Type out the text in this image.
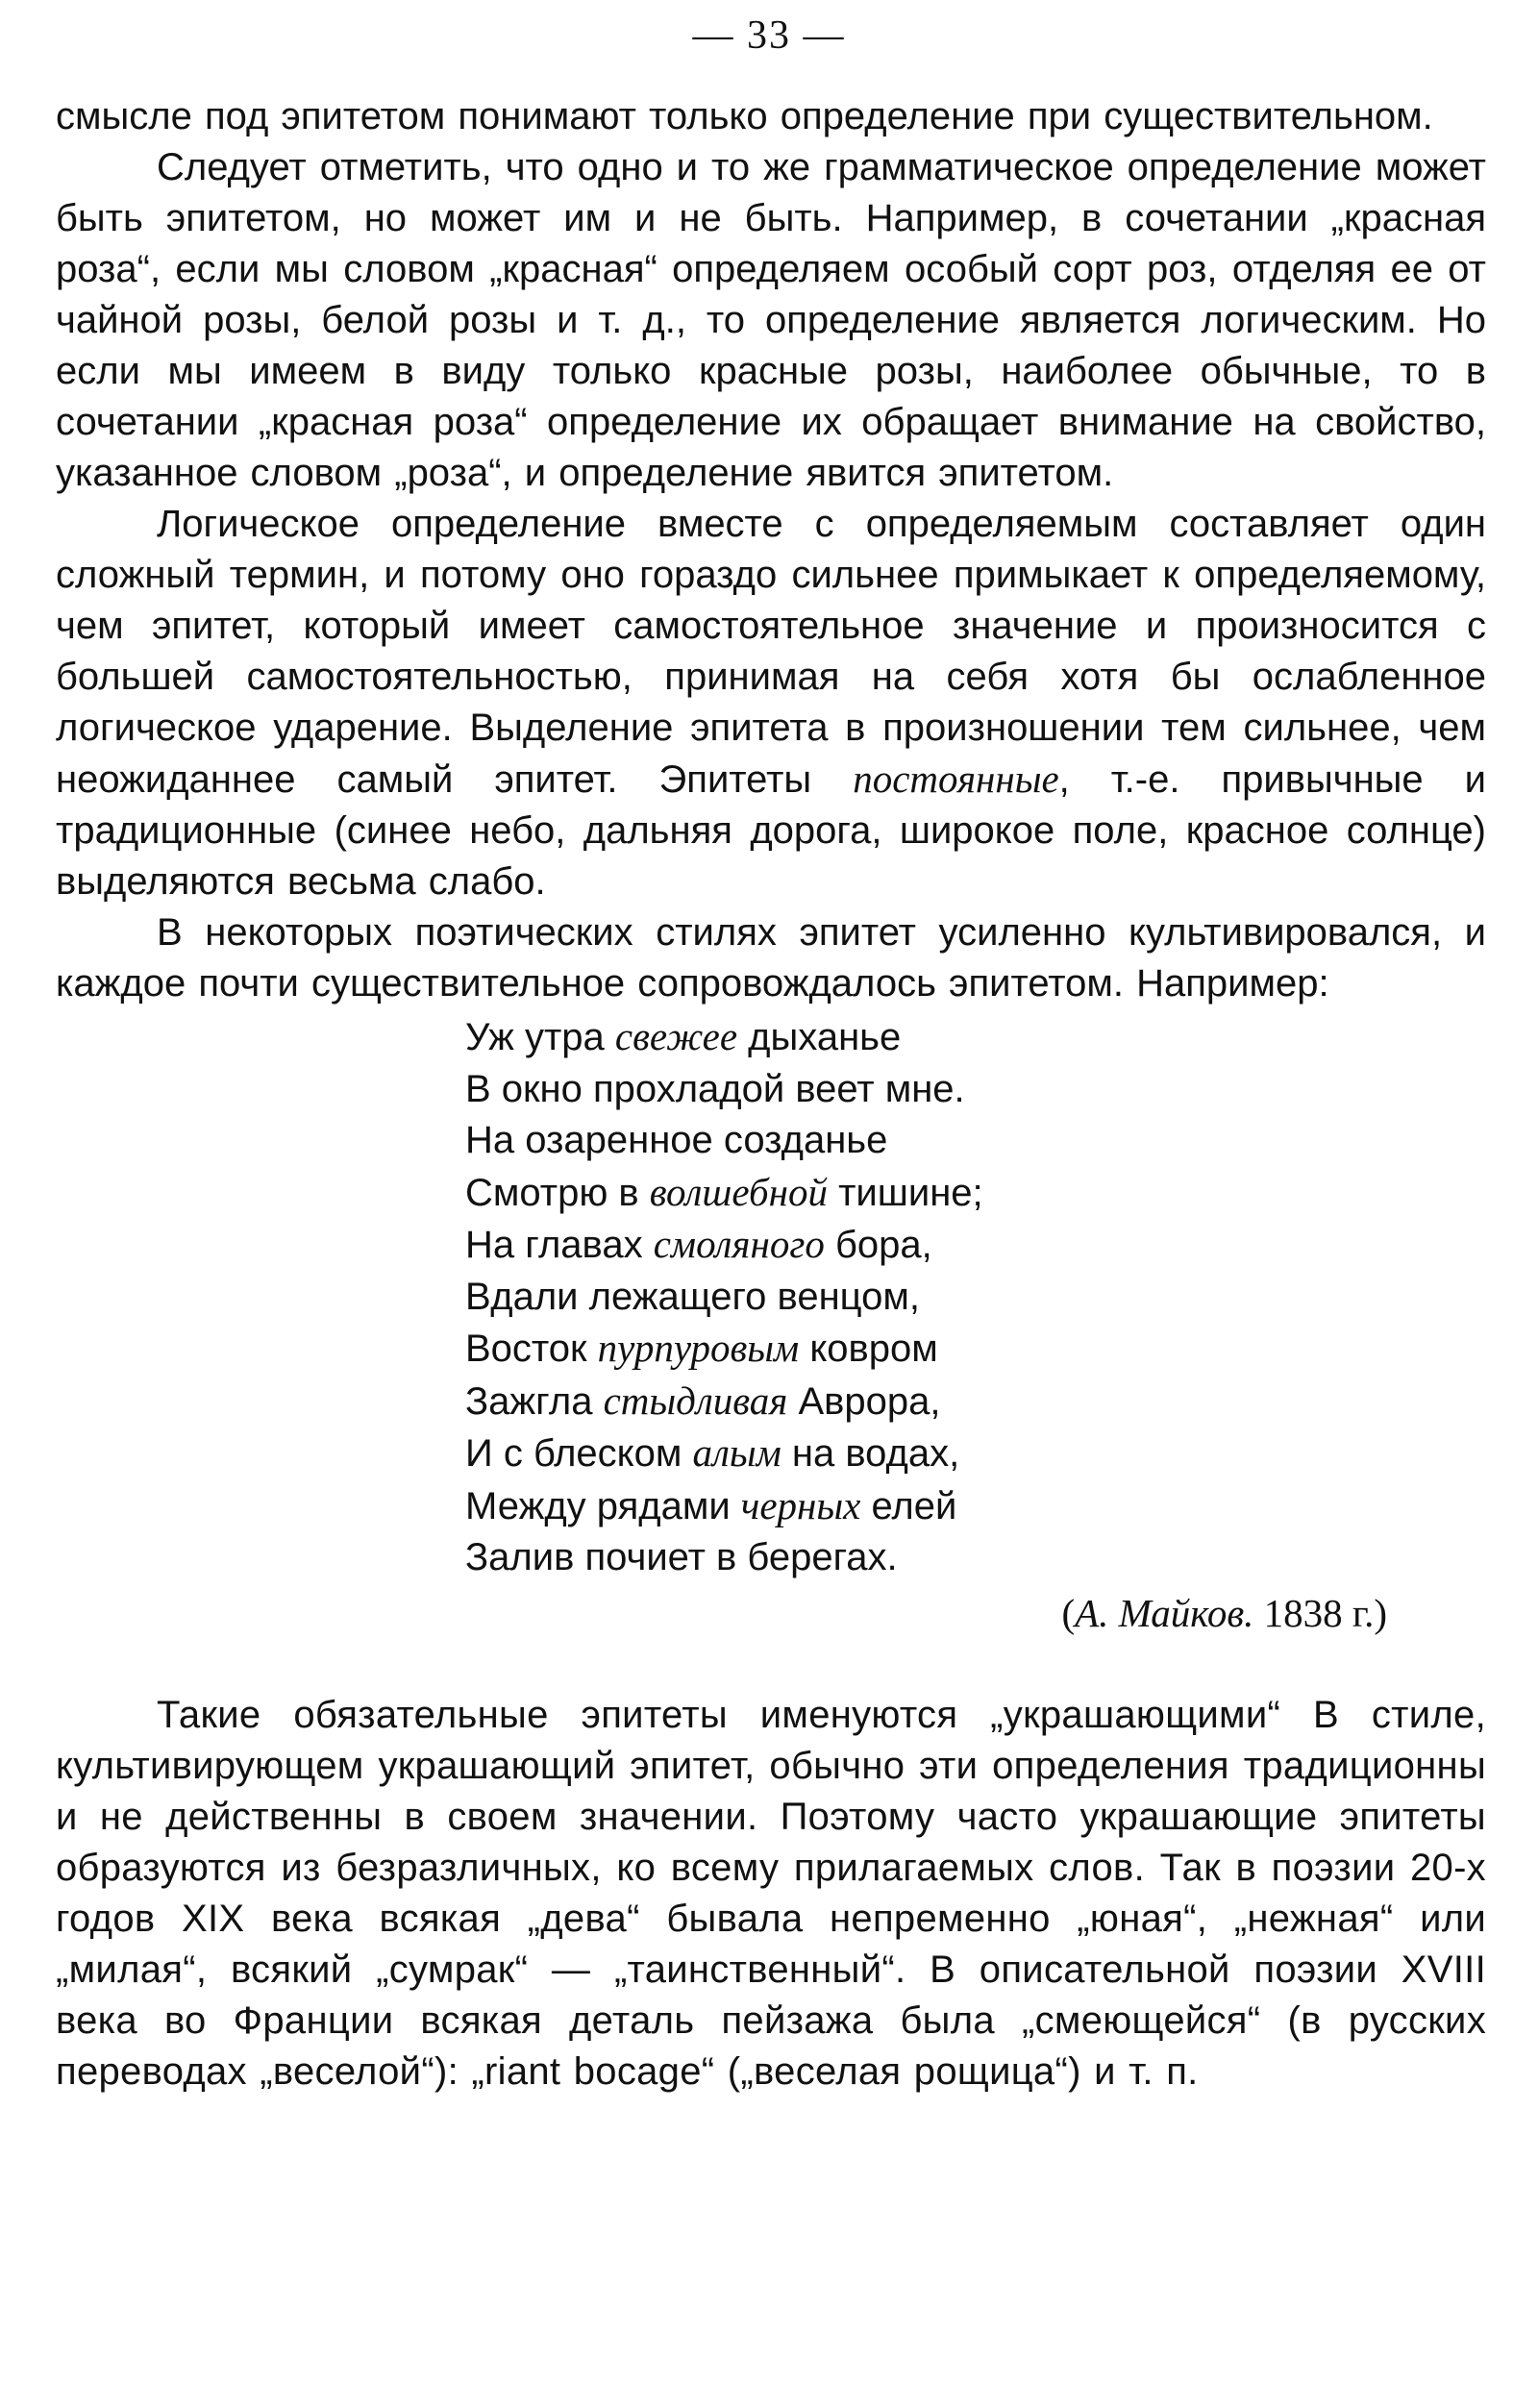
— 33 —

смысле под эпитетом понимают только определение при существительном.

Следует отметить, что одно и то же грамматическое определение может быть эпитетом, но может им и не быть. Например, в сочетании „красная роза“, если мы словом „красная“ определяем особый сорт роз, отделяя ее от чайной розы, белой розы и т. д., то определение является логическим. Но если мы имеем в виду только красные розы, наиболее обычные, то в сочетании „красная роза“ определение их обращает внимание на свойство, указанное словом „роза“, и определение явится эпитетом.

Логическое определение вместе с определяемым составляет один сложный термин, и потому оно гораздо сильнее примыкает к определяемому, чем эпитет, который имеет самостоятельное значение и произносится с большей самостоятельностью, принимая на себя хотя бы ослабленное логическое ударение. Выделение эпитета в произношении тем сильнее, чем неожиданнее самый эпитет. Эпитеты постоянные, т.-е. привычные и традиционные (синее небо, дальняя дорога, широкое поле, красное солнце) выделяются весьма слабо.

В некоторых поэтических стилях эпитет усиленно культивировался, и каждое почти существительное сопровождалось эпитетом. Например:

Уж утра свежее дыханье
В окно прохладой веет мне.
На озаренное созданье
Смотрю в волшебной тишине;
На главах смоляного бора,
Вдали лежащего венцом,
Восток пурпуровым ковром
Зажгла стыдливая Аврора,
И с блеском алым на водах,
Между рядами черных елей
Залив почиет в берегах.
(А. Майков. 1838 г.)

Такие обязательные эпитеты именуются „украшающими“ В стиле, культивирующем украшающий эпитет, обычно эти определения традиционны и не действенны в своем значении. Поэтому часто украшающие эпитеты образуются из безразличных, ко всему прилагаемых слов. Так в поэзии 20-х годов XIX века всякая „дева“ бывала непременно „юная“, „нежная“ или „милая“, всякий „сумрак“ — „таинственный“. В описательной поэзии XVIII века во Франции всякая деталь пейзажа была „смеющейся“ (в русских переводах „веселой“): „riant bocage“ („веселая рощица“) и т. п.
